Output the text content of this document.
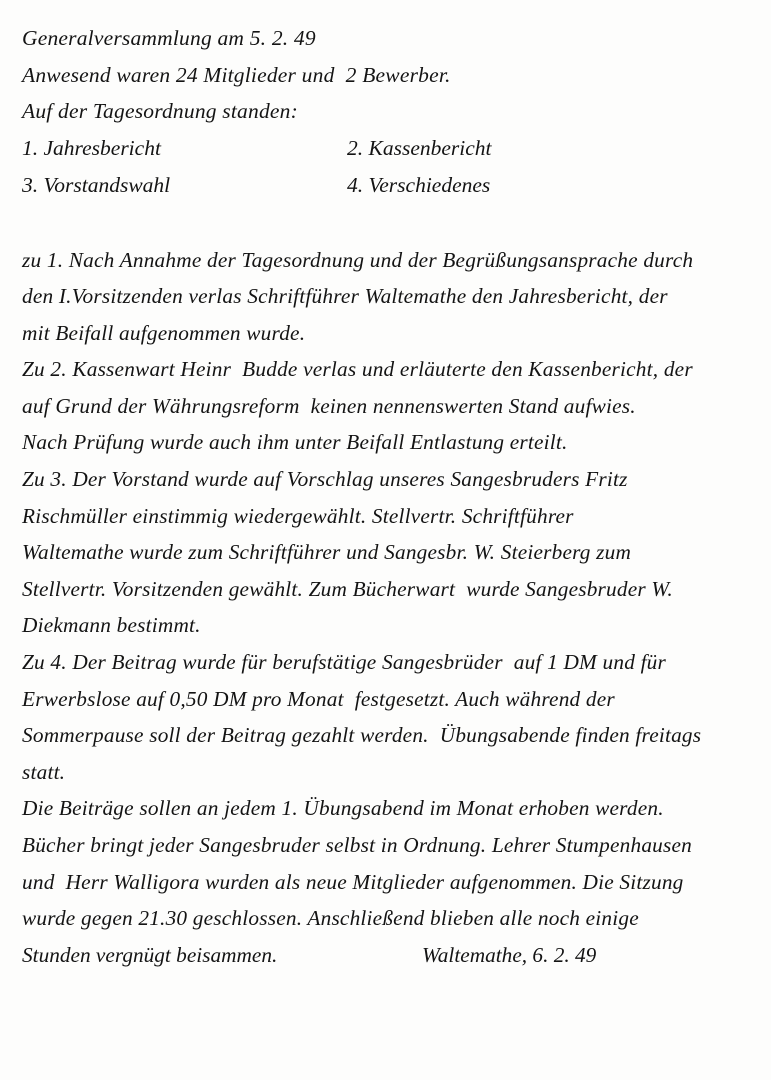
Generalversammlung am 5. 2. 49
Anwesend waren 24 Mitglieder und  2 Bewerber.
Auf der Tagesordnung standen:
1. Jahresbericht	2. Kassenbericht
3. Vorstandswahl	4. Verschiedenes
zu 1. Nach Annahme der Tagesordnung und der Begrüßungsansprache durch
den I.Vorsitzenden verlas Schriftführer Waltemathe den Jahresbericht, der
mit Beifall aufgenommen wurde.
Zu 2. Kassenwart Heinr  Budde verlas und erläuterte den Kassenbericht, der
auf Grund der Währungsreform  keinen nennenswerten Stand aufwies.
Nach Prüfung wurde auch ihm unter Beifall Entlastung erteilt.
Zu 3. Der Vorstand wurde auf Vorschlag unseres Sangesbruders Fritz
Rischmüller einstimmig wiedergewählt. Stellvertr. Schriftführer
Waltemathe wurde zum Schriftführer und Sangesbr. W. Steierberg zum
Stellvertr. Vorsitzenden gewählt. Zum Bücherwart  wurde Sangesbruder W.
Diekmann bestimmt.
Zu 4. Der Beitrag wurde für berufstätige Sangesbrüder  auf 1 DM und für
Erwerbslose auf 0,50 DM pro Monat  festgesetzt. Auch während der
Sommerpause soll der Beitrag gezahlt werden.  Übungsabende finden freitags
statt.
Die Beiträge sollen an jedem 1. Übungsabend im Monat erhoben werden.
Bücher bringt jeder Sangesbruder selbst in Ordnung. Lehrer Stumpenhausen
und  Herr Walligora wurden als neue Mitglieder aufgenommen. Die Sitzung
wurde gegen 21.30 geschlossen. Anschließend blieben alle noch einige
Stunden vergnügt beisammen.	Waltemathe, 6. 2. 49
